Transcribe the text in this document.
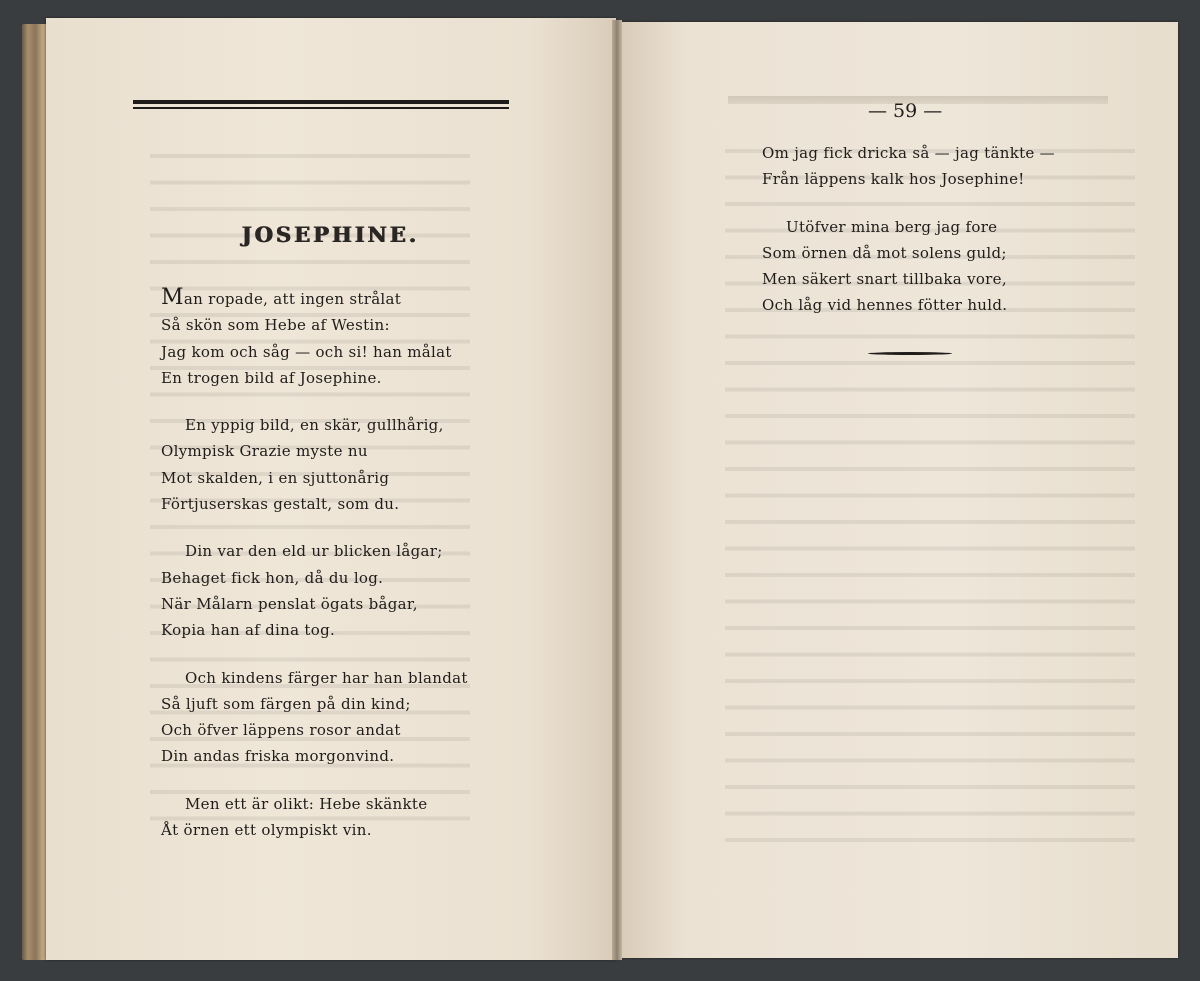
JOSEPHINE.
Man ropade, att ingen strålat
Så skön som Hebe af Westin:
Jag kom och såg — och si! han målat
En trogen bild af Josephine.
En yppig bild, en skär, gullhårig,
Olympisk Grazie myste nu
Mot skalden, i en sjuttonårig
Förtjuserskas gestalt, som du.
Din var den eld ur blicken lågar;
Behaget fick hon, då du log.
När Målarn penslat ögats bågar,
Kopia han af dina tog.
Och kindens färger har han blandat
Så ljuft som färgen på din kind;
Och öfver läppens rosor andat
Din andas friska morgonvind.
Men ett är olikt: Hebe skänkte
Åt örnen ett olympiskt vin.
— 59 —
Om jag fick dricka så — jag tänkte —
Från läppens kalk hos Josephine!
Utöfver mina berg jag fore
Som örnen då mot solens guld;
Men säkert snart tillbaka vore,
Och låg vid hennes fötter huld.
